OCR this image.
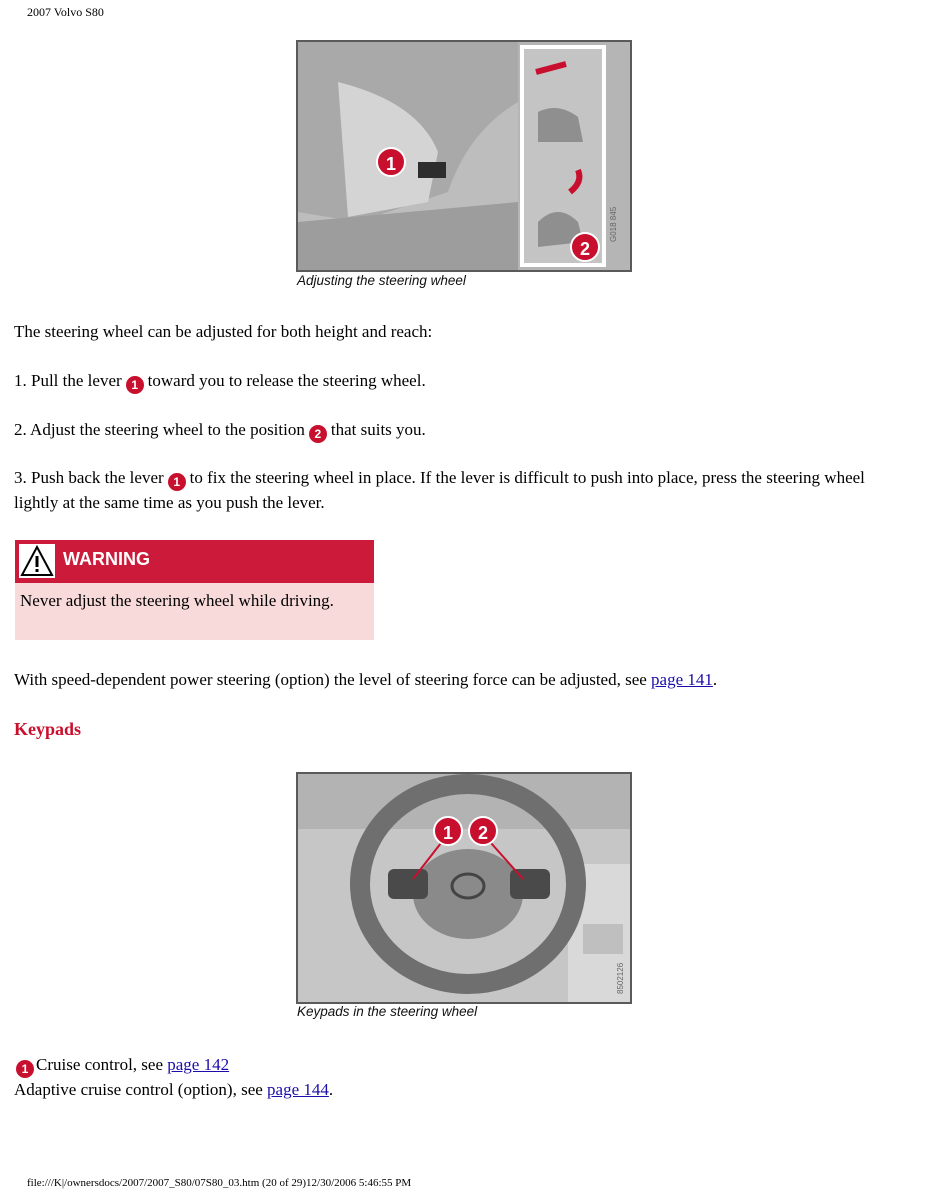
2007 Volvo S80
G018 845
1
2
Adjusting the steering wheel
The steering wheel can be adjusted for both height and reach:
1. Pull the lever 1 toward you to release the steering wheel.
2. Adjust the steering wheel to the position 2 that suits you.
3. Push back the lever 1 to fix the steering wheel in place. If the lever is difficult to push into place, press the steering wheel lightly at the same time as you push the lever.
WARNING
Never adjust the steering wheel while driving.
With speed-dependent power steering (option) the level of steering force can be adjusted, see page 141.
Keypads
8502126
1	2
Keypads in the steering wheel
1 Cruise control, see page 142
Adaptive cruise control (option), see page 144.
file:///K|/ownersdocs/2007/2007_S80/07S80_03.htm (20 of 29)12/30/2006 5:46:55 PM
